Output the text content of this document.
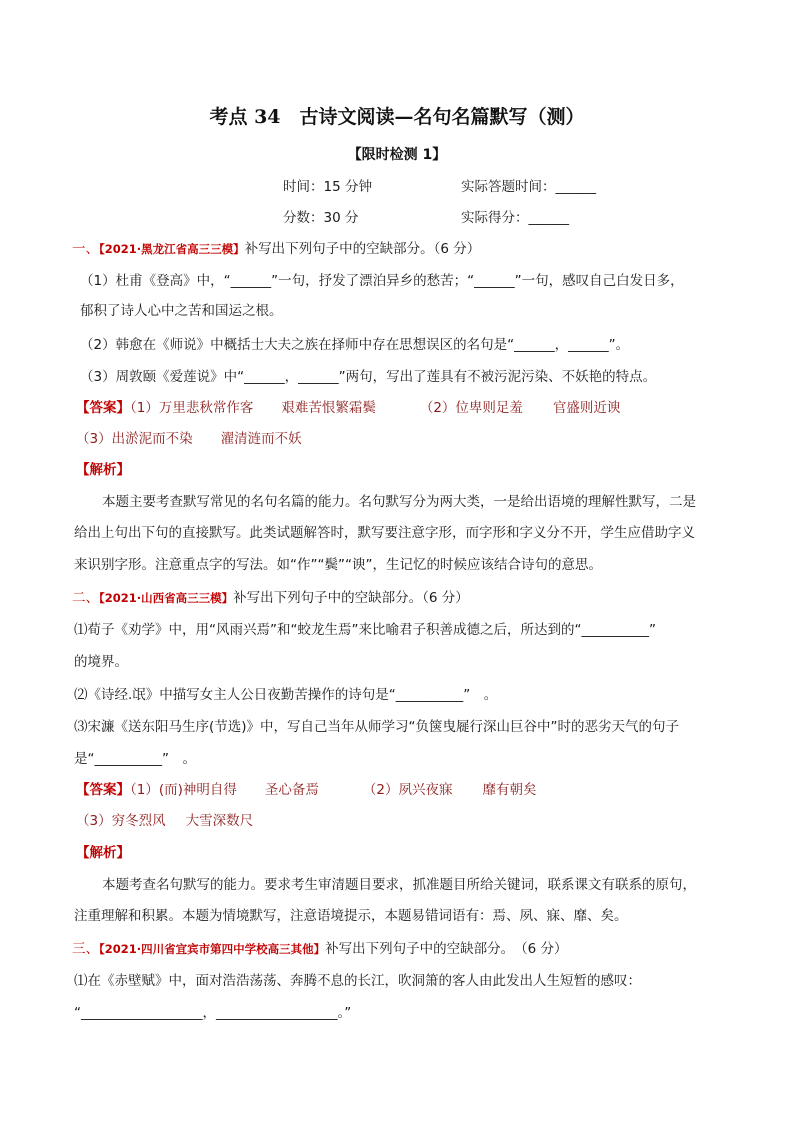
考点 34　古诗文阅读—名句名篇默写（测）
【限时检测 1】
时间：15 分钟	实际答题时间：______
分数：30 分	实际得分：______
一、【2021·黑龙江省高三三模】补写出下列句子中的空缺部分。（6 分）
（1）杜甫《登高》中，“______”一句，抒发了漂泊异乡的愁苦；“______”一句，感叹自己白发日多，
郁积了诗人心中之苦和国运之根。
（2）韩愈在《师说》中概括士大夫之族在择师中存在思想误区的名句是“______，______”。
（3）周敦颐《爱莲说》中“______，______”两句，写出了莲具有不被污泥污染、不妖艳的特点。
【答案】（1）万里悲秋常作客 艰难苦恨繁霜鬓	（2）位卑则足羞 官盛则近谀
（3）出淤泥而不染 濯清涟而不妖
【解析】
本题主要考查默写常见的名句名篇的能力。名句默写分为两大类，一是给出语境的理解性默写，二是
给出上句出下句的直接默写。此类试题解答时，默写要注意字形，而字形和字义分不开，学生应借助字义
来识别字形。注意重点字的写法。如“作”“鬓”“谀”，生记忆的时候应该结合诗句的意思。
二、【2021·山西省高三三模】补写出下列句子中的空缺部分。（6 分）
⑴荀子《劝学》中，用“风雨兴焉”和“蛟龙生焉”来比喻君子积善成德之后，所达到的“__________”
的境界。
⑵《诗经.氓》中描写女主人公日夜勤苦操作的诗句是“__________”　。
⑶宋濂《送东阳马生序(节选)》中，写自己当年从师学习“负箧曳屣行深山巨谷中”时的恶劣天气的句子
是“__________”　。
【答案】（1）(而)神明自得 圣心备焉	（2）夙兴夜寐 靡有朝矣
（3）穷冬烈风 大雪深数尺
【解析】
本题考查名句默写的能力。要求考生审清题目要求，抓准题目所给关键词，联系课文有联系的原句，
注重理解和积累。本题为情境默写，注意语境提示，本题易错词语有：焉、夙、寐、靡、矣。
三、【2021·四川省宜宾市第四中学校高三其他】补写出下列句子中的空缺部分。　（6 分）
⑴在《赤壁赋》中，面对浩浩荡荡、奔腾不息的长江，吹洞箫的客人由此发出人生短暂的感叹：
“__________________，__________________。”
